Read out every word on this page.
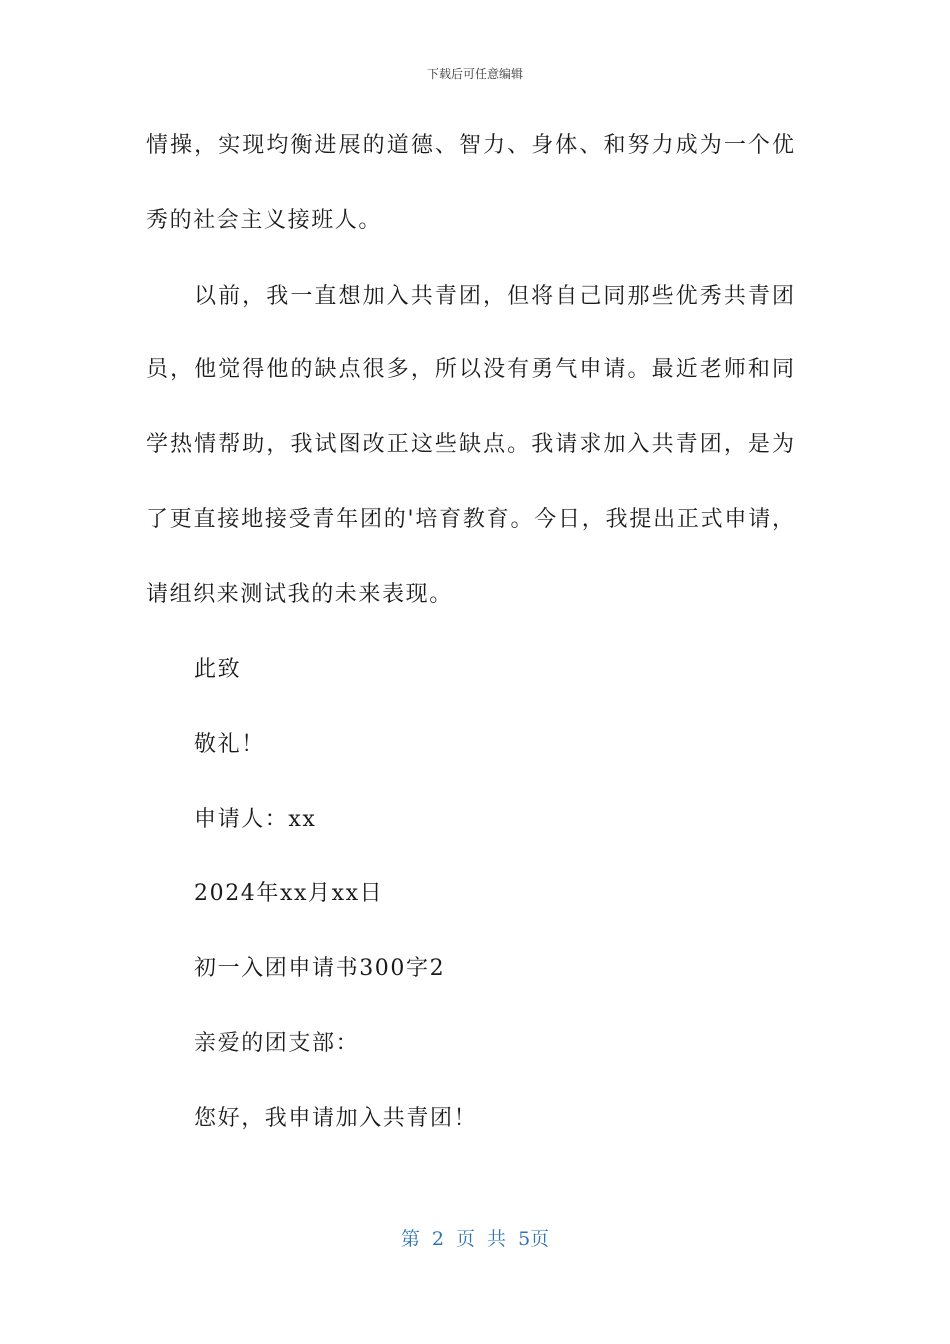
下载后可任意编辑
情操，实现均衡进展的道德、智力、身体、和努力成为一个优
秀的社会主义接班人。
以前，我一直想加入共青团，但将自己同那些优秀共青团
员，他觉得他的缺点很多，所以没有勇气申请。最近老师和同
学热情帮助，我试图改正这些缺点。我请求加入共青团，是为
了更直接地接受青年团的'培育教育。今日，我提出正式申请，
请组织来测试我的未来表现。
此致
敬礼！
申请人：xx
2024年xx月xx日
初一入团申请书300字2
亲爱的团支部：
您好，我申请加入共青团！
第 2 页 共 5页
